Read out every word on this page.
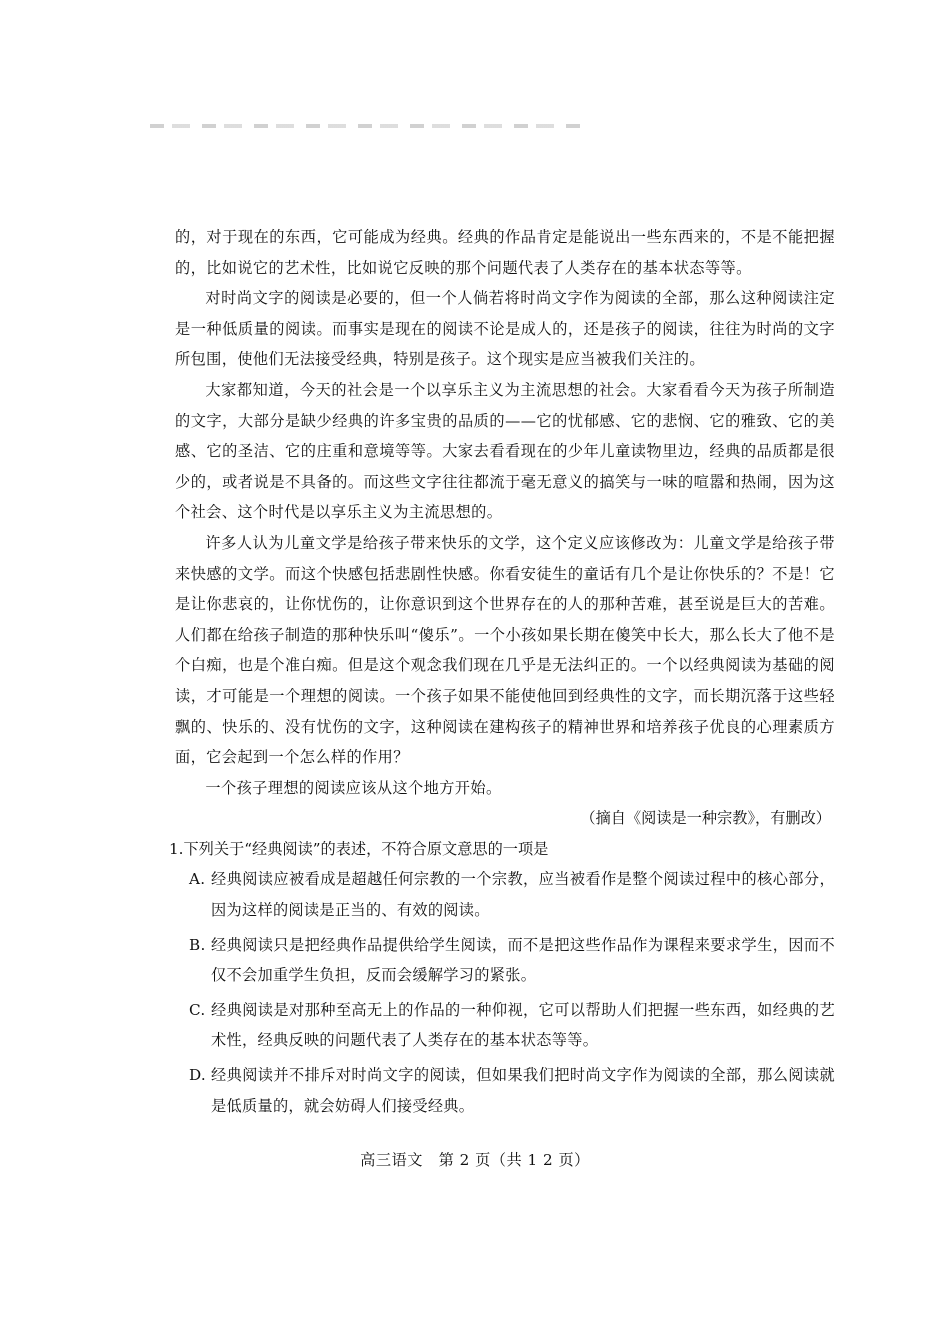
的，对于现在的东西，它可能成为经典。经典的作品肯定是能说出一些东西来的，不是不能把握的，比如说它的艺术性，比如说它反映的那个问题代表了人类存在的基本状态等等。

对时尚文字的阅读是必要的，但一个人倘若将时尚文字作为阅读的全部，那么这种阅读注定是一种低质量的阅读。而事实是现在的阅读不论是成人的，还是孩子的阅读，往往为时尚的文字所包围，使他们无法接受经典，特别是孩子。这个现实是应当被我们关注的。

大家都知道，今天的社会是一个以享乐主义为主流思想的社会。大家看看今天为孩子所制造的文字，大部分是缺少经典的许多宝贵的品质的——它的忧郁感、它的悲悯、它的雅致、它的美感、它的圣洁、它的庄重和意境等等。大家去看看现在的少年儿童读物里边，经典的品质都是很少的，或者说是不具备的。而这些文字往往都流于毫无意义的搞笑与一味的喧嚣和热闹，因为这个社会、这个时代是以享乐主义为主流思想的。

许多人认为儿童文学是给孩子带来快乐的文学，这个定义应该修改为：儿童文学是给孩子带来快感的文学。而这个快感包括悲剧性快感。你看安徒生的童话有几个是让你快乐的？不是！它是让你悲哀的，让你忧伤的，让你意识到这个世界存在的人的那种苦难，甚至说是巨大的苦难。人们都在给孩子制造的那种快乐叫“傻乐”。一个小孩如果长期在傻笑中长大，那么长大了他不是个白痴，也是个准白痴。但是这个观念我们现在几乎是无法纠正的。一个以经典阅读为基础的阅读，才可能是一个理想的阅读。一个孩子如果不能使他回到经典性的文字，而长期沉落于这些轻飘的、快乐的、没有忧伤的文字，这种阅读在建构孩子的精神世界和培养孩子优良的心理素质方面，它会起到一个怎么样的作用？

一个孩子理想的阅读应该从这个地方开始。

（摘自《阅读是一种宗教》，有删改）

1.下列关于“经典阅读”的表述，不符合原文意思的一项是

A. 经典阅读应被看成是超越任何宗教的一个宗教，应当被看作是整个阅读过程中的核心部分，因为这样的阅读是正当的、有效的阅读。
B. 经典阅读只是把经典作品提供给学生阅读，而不是把这些作品作为课程来要求学生，因而不仅不会加重学生负担，反而会缓解学习的紧张。
C. 经典阅读是对那种至高无上的作品的一种仰视，它可以帮助人们把握一些东西，如经典的艺术性，经典反映的问题代表了人类存在的基本状态等等。
D. 经典阅读并不排斥对时尚文字的阅读，但如果我们把时尚文字作为阅读的全部，那么阅读就是低质量的，就会妨碍人们接受经典。
高三语文　第 2 页（共 1 2 页）
